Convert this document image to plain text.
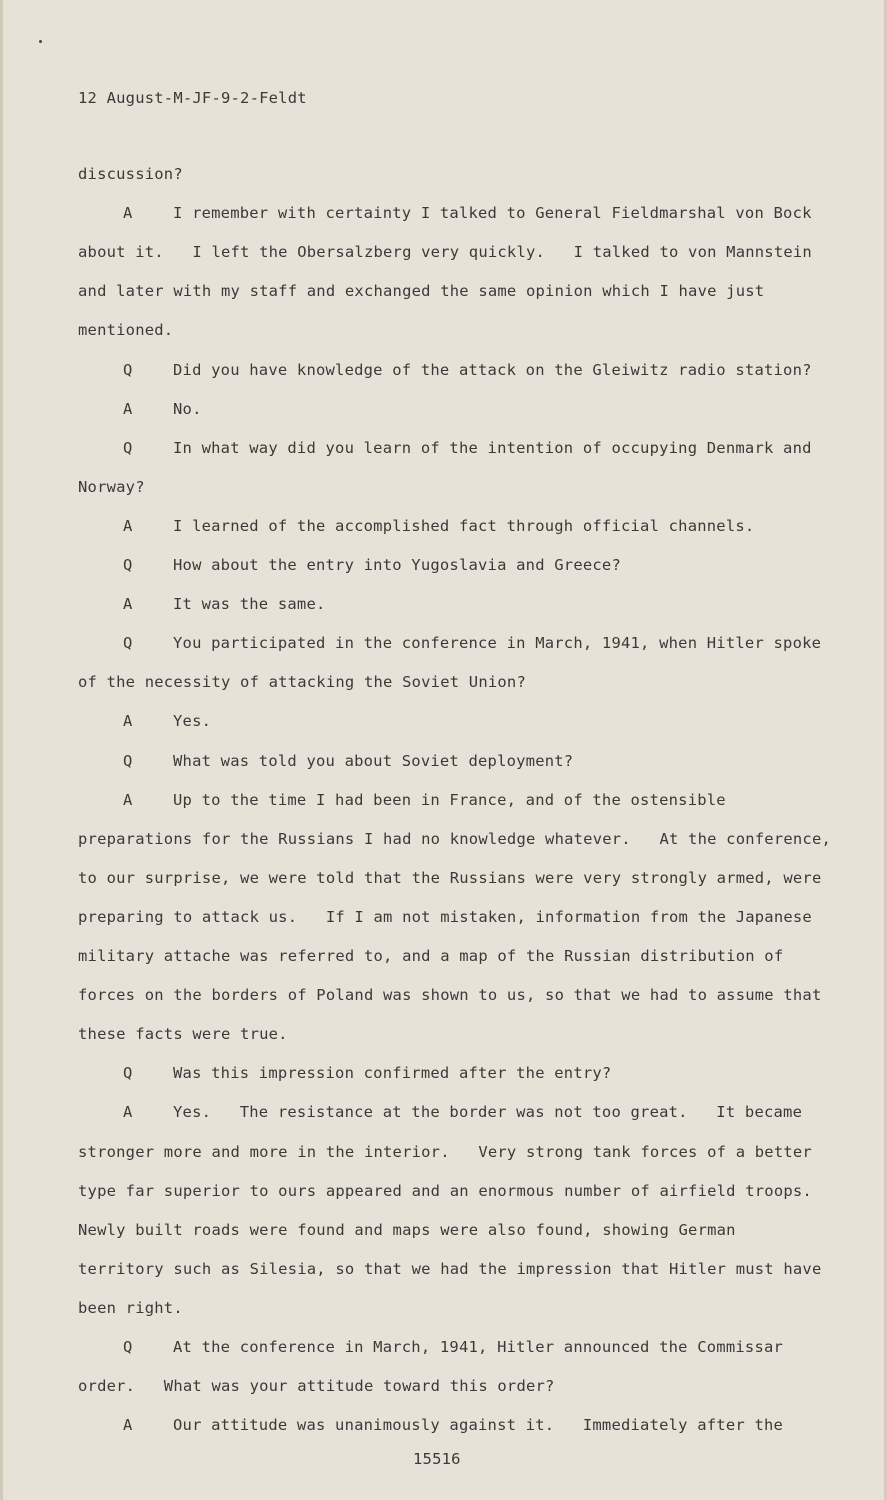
12 August-M-JF-9-2-Feldt
discussion?
A	I remember with certainty I talked to General Fieldmarshal von Bock
about it.   I left the Obersalzberg very quickly.   I talked to von Mannstein
and later with my staff and exchanged the same opinion which I have just
mentioned.
Q	Did you have knowledge of the attack on the Gleiwitz radio station?
A	No.
Q	In what way did you learn of the intention of occupying Denmark and
Norway?
A	I learned of the accomplished fact through official channels.
Q	How about the entry into Yugoslavia and Greece?
A	It was the same.
Q	You participated in the conference in March, 1941, when Hitler spoke
of the necessity of attacking the Soviet Union?
A	Yes.
Q	What was told you about Soviet deployment?
A	Up to the time I had been in France, and of the ostensible
preparations for the Russians I had no knowledge whatever.   At the conference,
to our surprise, we were told that the Russians were very strongly armed, were
preparing to attack us.   If I am not mistaken, information from the Japanese
military attache was referred to, and a map of the Russian distribution of
forces on the borders of Poland was shown to us, so that we had to assume that
these facts were true.
Q	Was this impression confirmed after the entry?
A	Yes.   The resistance at the border was not too great.   It became
stronger more and more in the interior.   Very strong tank forces of a better
type far superior to ours appeared and an enormous number of airfield troops.
Newly built roads were found and maps were also found, showing German
territory such as Silesia, so that we had the impression that Hitler must have
been right.
Q	At the conference in March, 1941, Hitler announced the Commissar
order.   What was your attitude toward this order?
A	Our attitude was unanimously against it.   Immediately after the
15516
